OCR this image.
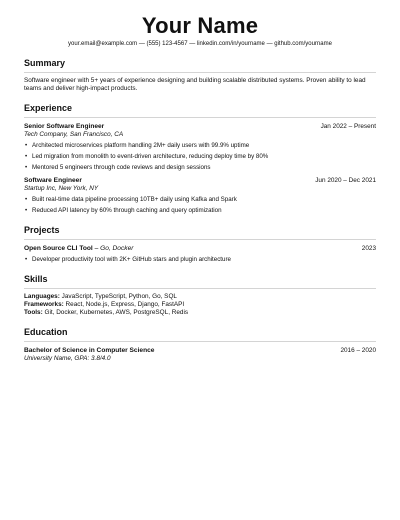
Your Name
your.email@example.com — (555) 123-4567 — linkedin.com/in/yourname — github.com/yourname
Summary
Software engineer with 5+ years of experience designing and building scalable distributed systems. Proven ability to lead teams and deliver high-impact products.
Experience
Senior Software Engineer	Jan 2022 – Present
Tech Company, San Francisco, CA
• Architected microservices platform handling 2M+ daily users with 99.9% uptime
• Led migration from monolith to event-driven architecture, reducing deploy time by 80%
• Mentored 5 engineers through code reviews and design sessions
Software Engineer	Jun 2020 – Dec 2021
Startup Inc, New York, NY
• Built real-time data pipeline processing 10TB+ daily using Kafka and Spark
• Reduced API latency by 60% through caching and query optimization
Projects
Open Source CLI Tool – Go, Docker	2023
• Developer productivity tool with 2K+ GitHub stars and plugin architecture
Skills
Languages: JavaScript, TypeScript, Python, Go, SQL
Frameworks: React, Node.js, Express, Django, FastAPI
Tools: Git, Docker, Kubernetes, AWS, PostgreSQL, Redis
Education
Bachelor of Science in Computer Science	2016 – 2020
University Name, GPA: 3.8/4.0
